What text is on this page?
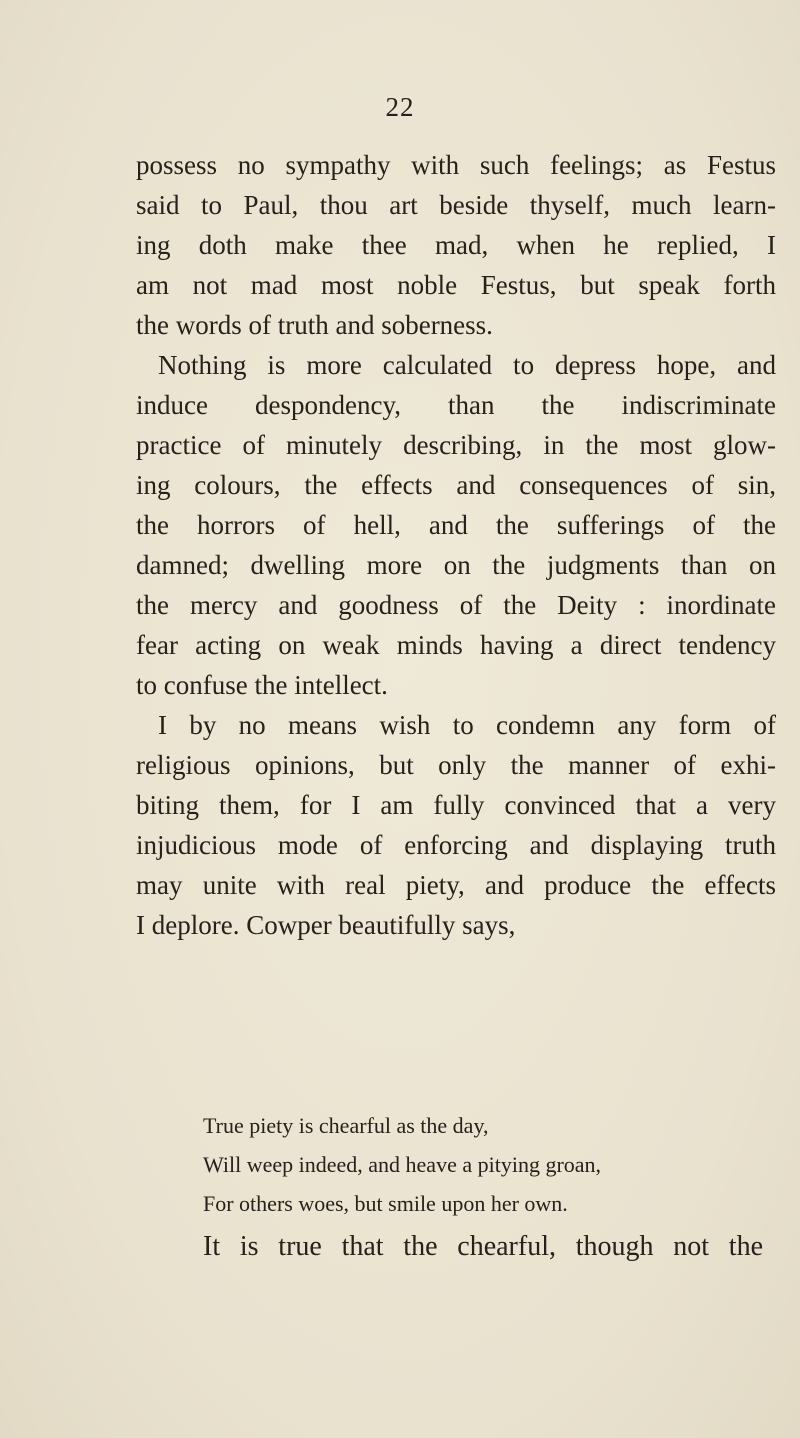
22
possess no sympathy with such feelings; as Festus
said to Paul, thou art beside thyself, much learn-
ing doth make thee mad, when he replied, I
am not mad most noble Festus, but speak forth
the words of truth and soberness.
Nothing is more calculated to depress hope, and
induce despondency, than the indiscriminate
practice of minutely describing, in the most glow-
ing colours, the effects and consequences of sin,
the horrors of hell, and the sufferings of the
damned; dwelling more on the judgments than on
the mercy and goodness of the Deity : inordinate
fear acting on weak minds having a direct tendency
to confuse the intellect.
I by no means wish to condemn any form of
religious opinions, but only the manner of exhi-
biting them, for I am fully convinced that a very
injudicious mode of enforcing and displaying truth
may unite with real piety, and produce the effects
I deplore. Cowper beautifully says,
True piety is chearful as the day,
Will weep indeed, and heave a pitying groan,
For others woes, but smile upon her own.
It is true that the chearful, though not the
